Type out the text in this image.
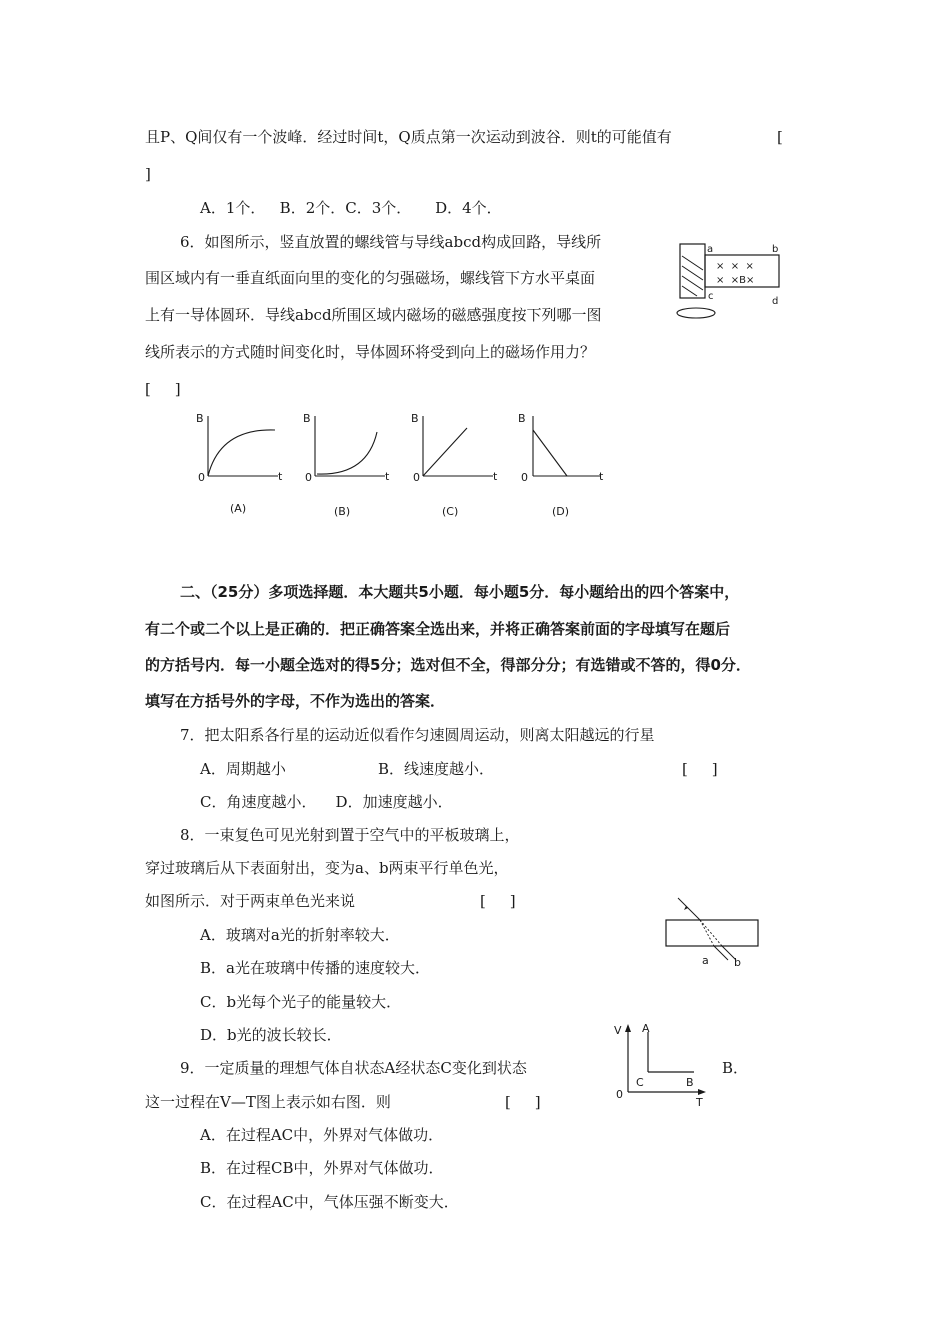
且P、Q间仅有一个波峰．经过时间t，Q质点第一次运动到波谷．则t的可能值有	[
]
A．1个．   B．2个．C．3个．     D．4个．
6．如图所示，竖直放置的螺线管与导线abcd构成回路，导线所
围区域内有一垂直纸面向里的变化的匀强磁场，螺线管下方水平桌面
上有一导体圆环．导线abcd所围区域内磁场的磁感强度按下列哪一图
线所表示的方式随时间变化时，导体圆环将受到向上的磁场作用力？
[     ]
a	b
c	d
×  ×  ×
×  ×B×
B
0	t
(A)
B
0	t
(B)
B
0	t
(C)
B
0	t
(D)
二、（25分）多项选择题．本大题共5小题．每小题5分．每小题给出的四个答案中，
有二个或二个以上是正确的．把正确答案全选出来，并将正确答案前面的字母填写在题后
的方括号内．每一小题全选对的得5分；选对但不全，得部分分；有选错或不答的，得0分．
填写在方括号外的字母，不作为选出的答案．
7．把太阳系各行星的运动近似看作匀速圆周运动，则离太阳越远的行星
A．周期越小	B．线速度越小．	[     ]
C．角速度越小．    D．加速度越小．
8．一束复色可见光射到置于空气中的平板玻璃上，
穿过玻璃后从下表面射出，变为a、b两束平行单色光，
如图所示．对于两束单色光来说	[     ]
A．玻璃对a光的折射率较大．
B．a光在玻璃中传播的速度较大．
C．b光每个光子的能量较大．
D．b光的波长较长．
a b
9．一定质量的理想气体自状态A经状态C变化到状态	B．
这一过程在V—T图上表示如右图．则	[     ]
A．在过程AC中，外界对气体做功．
B．在过程CB中，外界对气体做功．
C．在过程AC中，气体压强不断变大．
V
0
T
A
C	B
